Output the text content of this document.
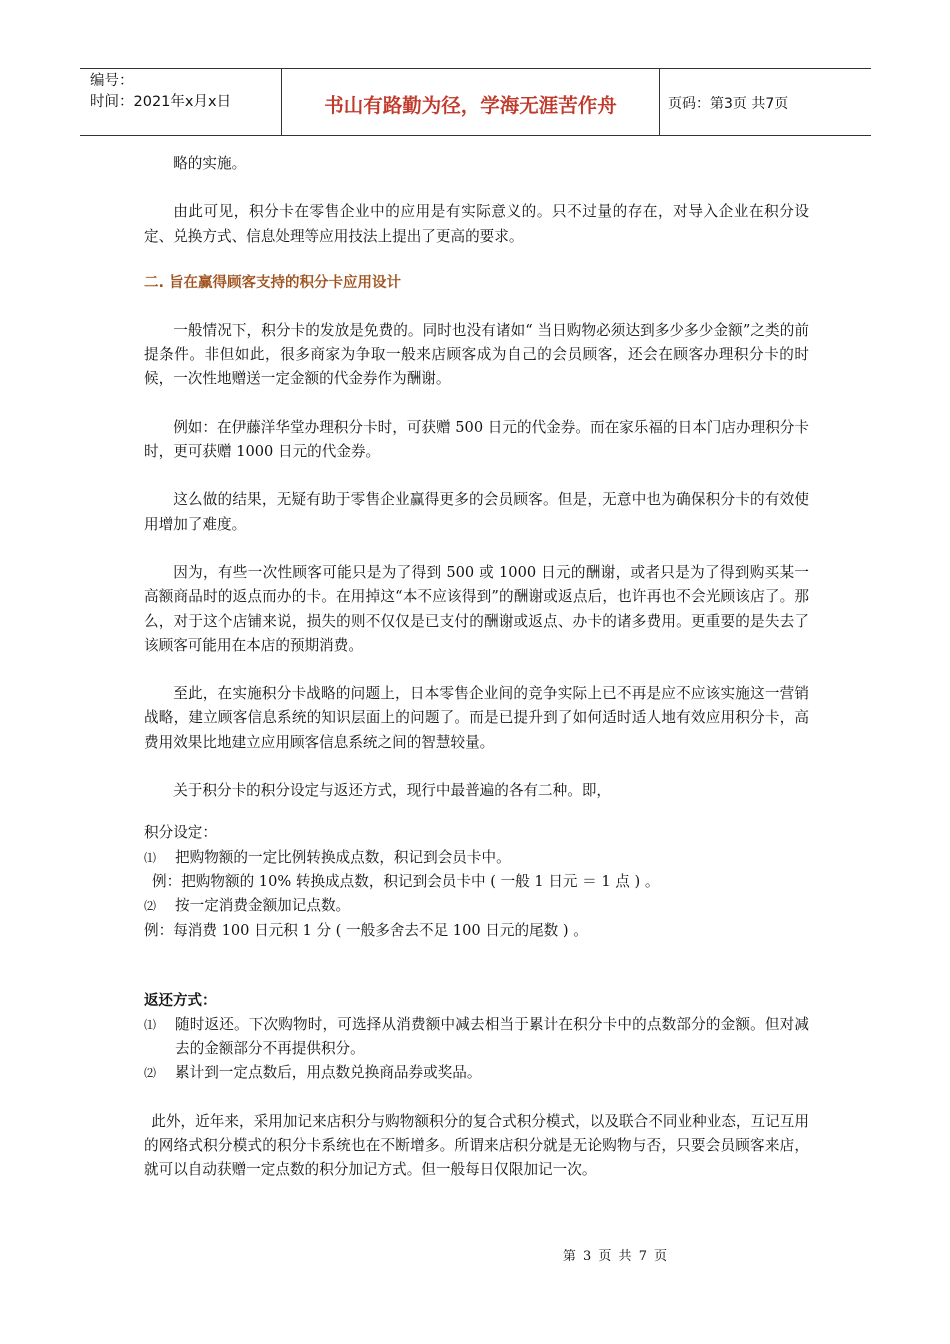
编号：
时间：2021年x月x日	书山有路勤为径，学海无涯苦作舟	页码：第3页 共7页

略的实施。

由此可见，积分卡在零售企业中的应用是有实际意义的。只不过量的存在，对导入企业在积分设定、兑换方式、信息处理等应用技法上提出了更高的要求。

二. 旨在赢得顾客支持的积分卡应用设计

一般情况下，积分卡的发放是免费的。同时也没有诸如“ 当日购物必须达到多少多少金额”之类的前提条件。非但如此，很多商家为争取一般来店顾客成为自己的会员顾客，还会在顾客办理积分卡的时候，一次性地赠送一定金额的代金券作为酬谢。

例如：在伊藤洋华堂办理积分卡时，可获赠 500 日元的代金券。而在家乐福的日本门店办理积分卡时，更可获赠 1000 日元的代金券。

这么做的结果，无疑有助于零售企业赢得更多的会员顾客。但是，无意中也为确保积分卡的有效使用增加了难度。

因为，有些一次性顾客可能只是为了得到 500 或 1000 日元的酬谢，或者只是为了得到购买某一高额商品时的返点而办的卡。在用掉这“本不应该得到”的酬谢或返点后，也许再也不会光顾该店了。那么，对于这个店铺来说，损失的则不仅仅是已支付的酬谢或返点、办卡的诸多费用。更重要的是失去了该顾客可能用在本店的预期消费。

至此，在实施积分卡战略的问题上，日本零售企业间的竞争实际上已不再是应不应该实施这一营销战略，建立顾客信息系统的知识层面上的问题了。而是已提升到了如何适时适人地有效应用积分卡，高费用效果比地建立应用顾客信息系统之间的智慧较量。

关于积分卡的积分设定与返还方式，现行中最普遍的各有二种。即，

积分设定：

⑴	把购物额的一定比例转换成点数，积记到会员卡中。

例：把购物额的 10% 转换成点数，积记到会员卡中 ( 一般 1 日元 ＝ 1 点 ) 。

⑵	按一定消费金额加记点数。

例：每消费 100 日元积 1 分 ( 一般多舍去不足 100 日元的尾数 ) 。

返还方式：

⑴	随时返还。下次购物时，可选择从消费额中减去相当于累计在积分卡中的点数部分的金额。但对减去的金额部分不再提供积分。
⑵	累计到一定点数后，用点数兑换商品券或奖品。

此外，近年来，采用加记来店积分与购物额积分的复合式积分模式，以及联合不同业种业态，互记互用的网络式积分模式的积分卡系统也在不断增多。所谓来店积分就是无论购物与否，只要会员顾客来店，就可以自动获赠一定点数的积分加记方式。但一般每日仅限加记一次。

第 3 页 共 7 页
